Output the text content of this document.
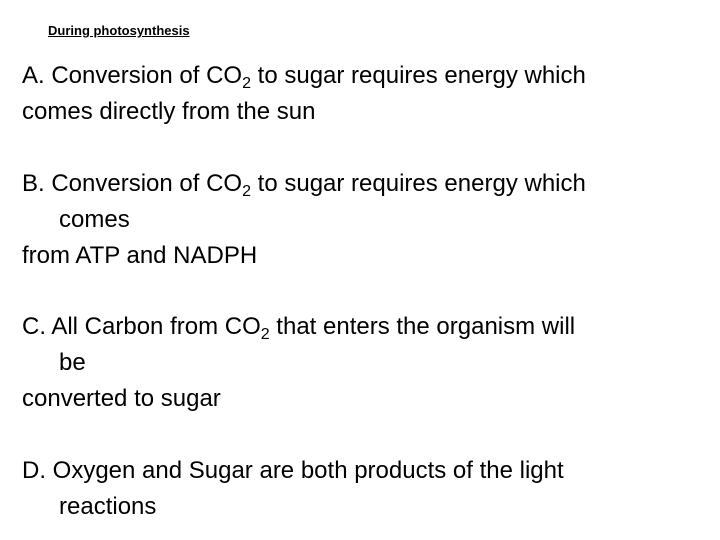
During photosynthesis
A. Conversion of $CO_2$ to sugar requires energy which
comes directly from the sun
B. Conversion of $CO_2$ to sugar requires energy which
comes
from ATP and NADPH
C. All Carbon from $CO_2$ that enters the organism will
be
converted to sugar
D. Oxygen and Sugar are both products of the light
reactions
